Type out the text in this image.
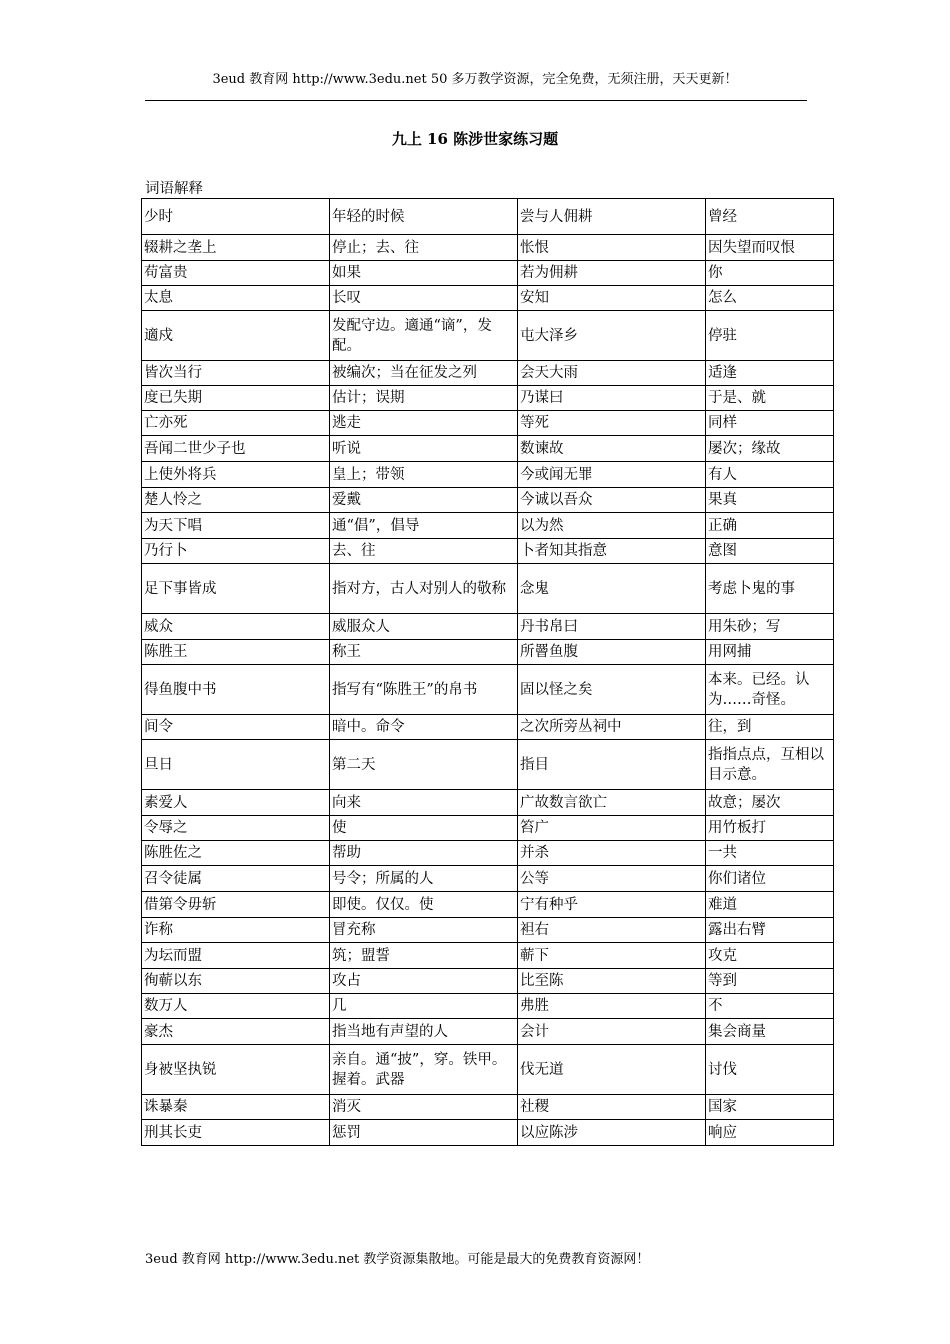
3eud 教育网 http://www.3edu.net 50 多万教学资源，完全免费，无须注册，天天更新！
九上 16 陈涉世家练习题
词语解释
少时	年轻的时候	尝与人佣耕	曾经
辍耕之垄上	停止；去、往	怅恨	因失望而叹恨
苟富贵	如果	若为佣耕	你
太息	长叹	安知	怎么
適戍	发配守边。適通“谪”，发配。	屯大泽乡	停驻
皆次当行	被编次；当在征发之列	会天大雨	适逢
度已失期	估计；误期	乃谋曰	于是、就
亡亦死	逃走	等死	同样
吾闻二世少子也	听说	数谏故	屡次；缘故
上使外将兵	皇上；带领	今或闻无罪	有人
楚人怜之	爱戴	今诚以吾众	果真
为天下唱	通“倡”，倡导	以为然	正确
乃行卜	去、往	卜者知其指意	意图
足下事皆成	指对方，古人对别人的敬称	念鬼	考虑卜鬼的事
威众	威服众人	丹书帛曰	用朱砂；写
陈胜王	称王	所罾鱼腹	用网捕
得鱼腹中书	指写有“陈胜王”的帛书	固以怪之矣	本来。已经。认为……奇怪。
间令	暗中。命令	之次所旁丛祠中	往，到
旦日	第二天	指目	指指点点，互相以目示意。
素爱人	向来	广故数言欲亡	故意；屡次
令辱之	使	笞广	用竹板打
陈胜佐之	帮助	并杀	一共
召令徒属	号令；所属的人	公等	你们诸位
借第令毋斩	即使。仅仅。使	宁有种乎	难道
诈称	冒充称	袒右	露出右臂
为坛而盟	筑；盟誓	蕲下	攻克
徇蕲以东	攻占	比至陈	等到
数万人	几	弗胜	不
豪杰	指当地有声望的人	会计	集会商量
身被坚执锐	亲自。通“披”，穿。铁甲。握着。武器	伐无道	讨伐
诛暴秦	消灭	社稷	国家
刑其长吏	惩罚	以应陈涉	响应
3eud 教育网 http://www.3edu.net 教学资源集散地。可能是最大的免费教育资源网！
